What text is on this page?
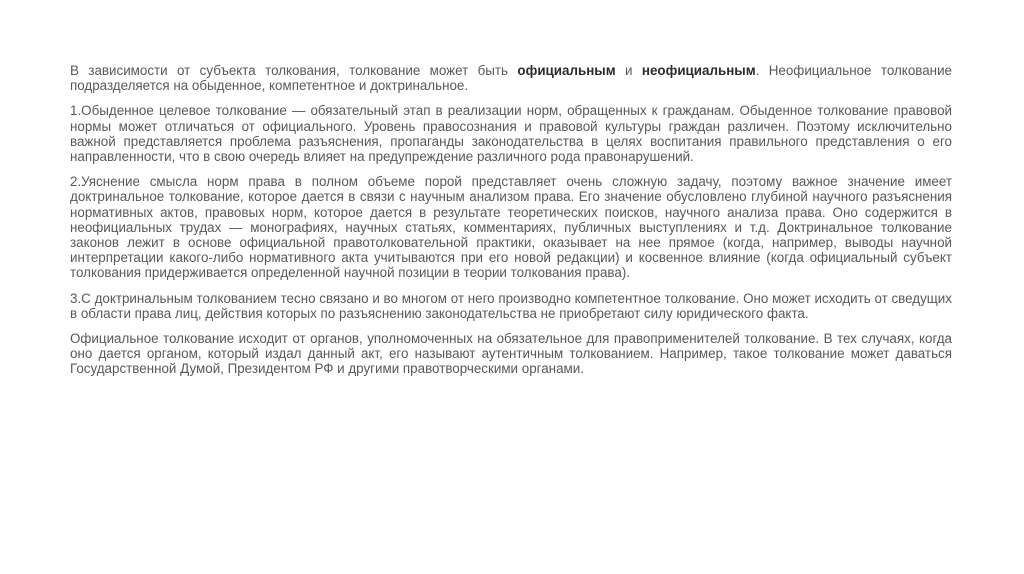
В зависимости от субъекта толкования, толкование может быть официальным и неофициальным. Неофициальное толкование подразделяется на обыденное, компетентное и доктринальное.

1.Обыденное целевое толкование — обязательный этап в реализации норм, обращенных к гражданам. Обыденное толкование правовой нормы может отличаться от официального. Уровень правосознания и правовой культуры граждан различен. Поэтому исключительно важной представляется проблема разъяснения, пропаганды законодательства в целях воспитания правильного представления о его направленности, что в свою очередь влияет на предупреждение различного рода правонарушений.

2.Уяснение смысла норм права в полном объеме порой представляет очень сложную задачу, поэтому важное значение имеет доктринальное толкование, которое дается в связи с научным анализом права. Его значение обусловлено глубиной научного разъяснения нормативных актов, правовых норм, которое дается в результате теоретических поисков, научного анализа права. Оно содержится в неофициальных трудах — монографиях, научных статьях, комментариях, публичных выступлениях и т.д. Доктринальное толкование законов лежит в основе официальной правотолковательной практики, оказывает на нее прямое (когда, например, выводы научной интерпретации какого-либо нормативного акта учитываются при его новой редакции) и косвенное влияние (когда официальный субъект толкования придерживается определенной научной позиции в теории толкования права).

3.С доктринальным толкованием тесно связано и во многом от него производно компетентное толкование. Оно может исходить от сведущих в области права лиц, действия которых по разъяснению законодательства не приобретают силу юридического факта.

Официальное толкование исходит от органов, уполномоченных на обязательное для правоприменителей толкование. В тех случаях, когда оно дается органом, который издал данный акт, его называют аутентичным толкованием. Например, такое толкование может даваться Государственной Думой, Президентом РФ и другими правотворческими органами.
